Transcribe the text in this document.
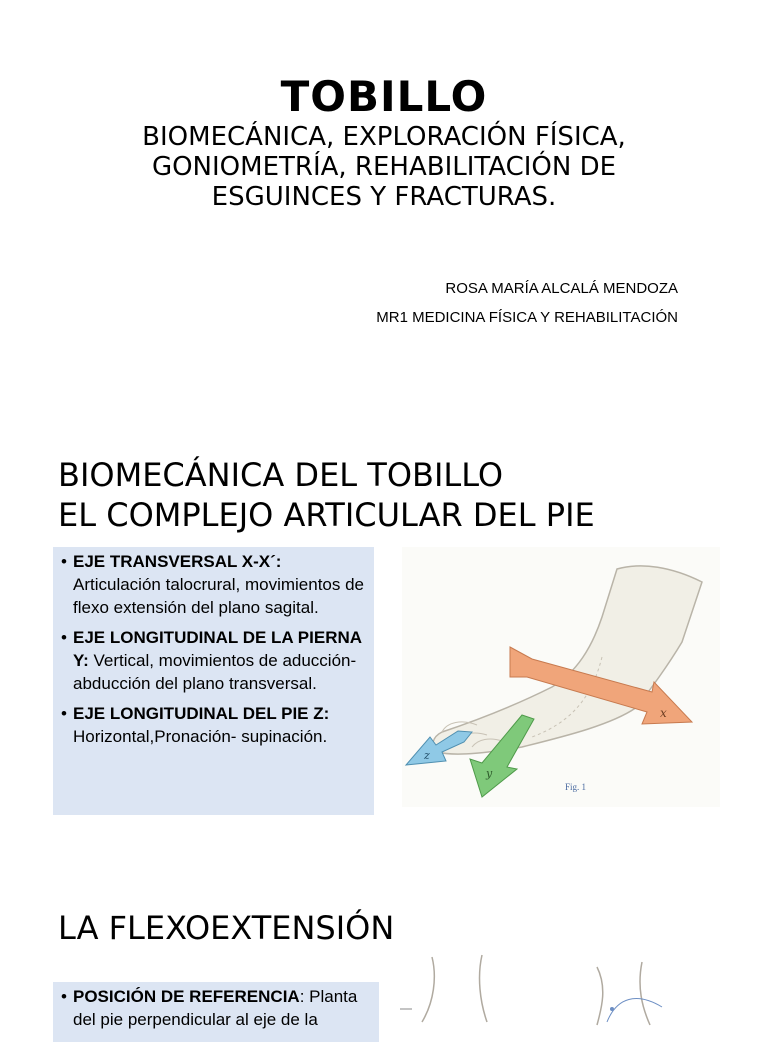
TOBILLO
BIOMECÁNICA, EXPLORACIÓN FÍSICA,
GONIOMETRÍA, REHABILITACIÓN DE
ESGUINCES Y FRACTURAS.
ROSA MARÍA ALCALÁ MENDOZA
MR1 MEDICINA FÍSICA Y REHABILITACIÓN
BIOMECÁNICA DEL TOBILLO
EL COMPLEJO ARTICULAR DEL PIE
• EJE TRANSVERSAL X-X´: Articulación talocrural, movimientos de flexo extensión del plano sagital.
• EJE LONGITUDINAL DE LA PIERNA Y: Vertical, movimientos de aducción-abducción del plano transversal.
• EJE LONGITUDINAL DEL PIE Z: Horizontal,Pronación- supinación.
x
y
z
Fig. 1
LA FLEXOEXTENSIÓN
• POSICIÓN DE REFERENCIA: Planta del pie perpendicular al eje de la
